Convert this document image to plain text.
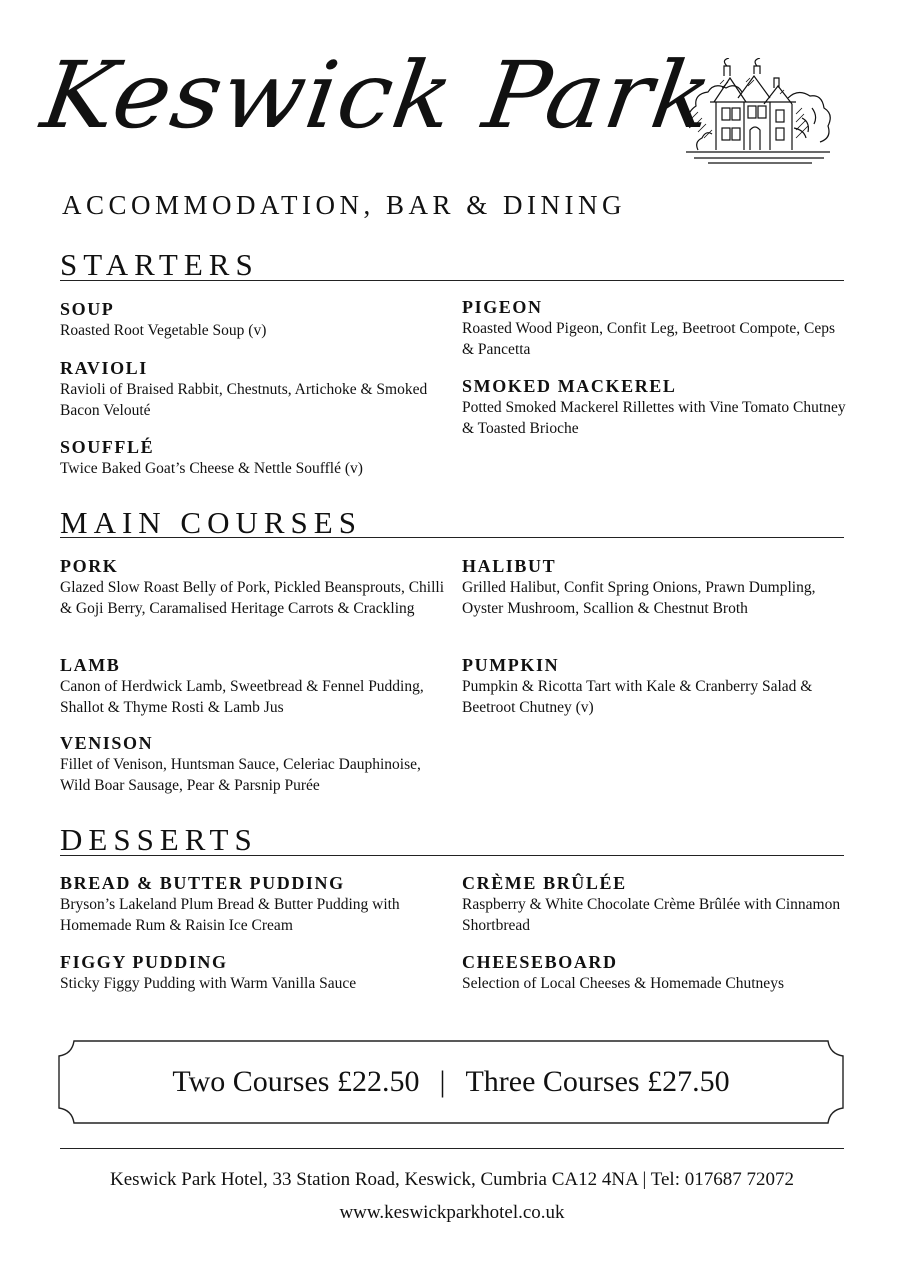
Keswick Park
ACCOMMODATION, BAR & DINING
STARTERS
SOUP
Roasted Root Vegetable Soup (v)
RAVIOLI
Ravioli of Braised Rabbit, Chestnuts, Artichoke & Smoked Bacon Velouté
SOUFFLÉ
Twice Baked Goat’s Cheese & Nettle Soufflé (v)
PIGEON
Roasted Wood Pigeon, Confit Leg, Beetroot Compote, Ceps & Pancetta
SMOKED MACKEREL
Potted Smoked Mackerel Rillettes with Vine Tomato Chutney & Toasted Brioche
MAIN COURSES
PORK
Glazed Slow Roast Belly of Pork, Pickled Beansprouts, Chilli & Goji Berry, Caramalised Heritage Carrots & Crackling
LAMB
Canon of Herdwick Lamb, Sweetbread & Fennel Pudding, Shallot & Thyme Rosti & Lamb Jus
VENISON
Fillet of Venison, Huntsman Sauce, Celeriac Dauphinoise, Wild Boar Sausage, Pear & Parsnip Purée
HALIBUT
Grilled Halibut, Confit Spring Onions, Prawn Dumpling, Oyster Mushroom, Scallion & Chestnut Broth
PUMPKIN
Pumpkin & Ricotta Tart with Kale & Cranberry Salad & Beetroot Chutney (v)
DESSERTS
BREAD & BUTTER PUDDING
Bryson’s Lakeland Plum Bread & Butter Pudding with Homemade Rum & Raisin Ice Cream
FIGGY PUDDING
Sticky Figgy Pudding with Warm Vanilla Sauce
CRÈME BRÛLÉE
Raspberry & White Chocolate Crème Brûlée with Cinnamon Shortbread
CHEESEBOARD
Selection of Local Cheeses & Homemade Chutneys
Two Courses £22.50 | Three Courses £27.50
Keswick Park Hotel, 33 Station Road, Keswick, Cumbria CA12 4NA | Tel: 017687 72072
www.keswickparkhotel.co.uk
